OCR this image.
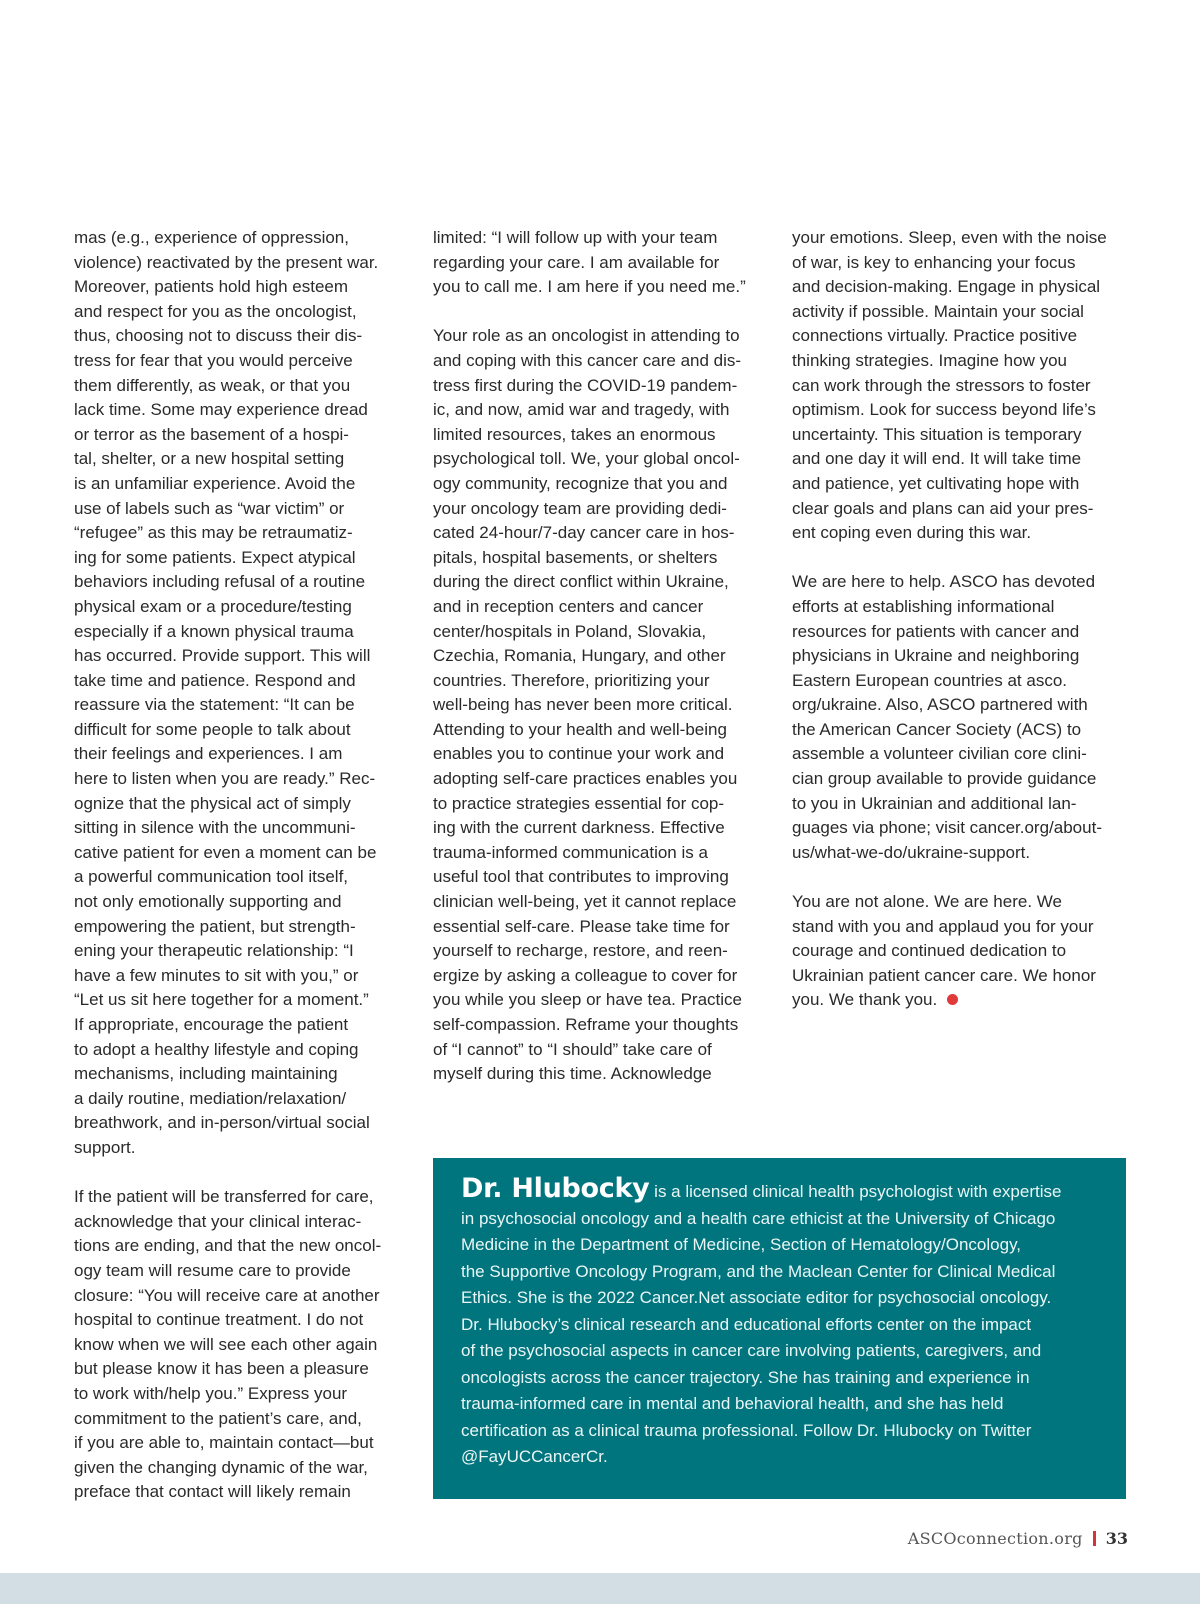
mas (e.g., experience of oppression,
violence) reactivated by the present war.
Moreover, patients hold high esteem
and respect for you as the oncologist,
thus, choosing not to discuss their dis-
tress for fear that you would perceive
them differently, as weak, or that you
lack time. Some may experience dread
or terror as the basement of a hospi-
tal, shelter, or a new hospital setting
is an unfamiliar experience. Avoid the
use of labels such as “war victim” or
“refugee” as this may be retraumatiz-
ing for some patients. Expect atypical
behaviors including refusal of a routine
physical exam or a procedure/testing
especially if a known physical trauma
has occurred. Provide support. This will
take time and patience. Respond and
reassure via the statement: “It can be
difficult for some people to talk about
their feelings and experiences. I am
here to listen when you are ready.” Rec-
ognize that the physical act of simply
sitting in silence with the uncommuni-
cative patient for even a moment can be
a powerful communication tool itself,
not only emotionally supporting and
empowering the patient, but strength-
ening your therapeutic relationship: “I
have a few minutes to sit with you,” or
“Let us sit here together for a moment.”
If appropriate, encourage the patient
to adopt a healthy lifestyle and coping
mechanisms, including maintaining
a daily routine, mediation/relaxation/
breathwork, and in-person/virtual social
support.

If the patient will be transferred for care,
acknowledge that your clinical interac-
tions are ending, and that the new oncol-
ogy team will resume care to provide
closure: “You will receive care at another
hospital to continue treatment. I do not
know when we will see each other again
but please know it has been a pleasure
to work with/help you.” Express your
commitment to the patient’s care, and,
if you are able to, maintain contact—but
given the changing dynamic of the war,
preface that contact will likely remain

limited: “I will follow up with your team
regarding your care. I am available for
you to call me. I am here if you need me.”

Your role as an oncologist in attending to
and coping with this cancer care and dis-
tress first during the COVID-19 pandem-
ic, and now, amid war and tragedy, with
limited resources, takes an enormous
psychological toll. We, your global oncol-
ogy community, recognize that you and
your oncology team are providing dedi-
cated 24-hour/7-day cancer care in hos-
pitals, hospital basements, or shelters
during the direct conflict within Ukraine,
and in reception centers and cancer
center/hospitals in Poland, Slovakia,
Czechia, Romania, Hungary, and other
countries. Therefore, prioritizing your
well-being has never been more critical.
Attending to your health and well-being
enables you to continue your work and
adopting self-care practices enables you
to practice strategies essential for cop-
ing with the current darkness. Effective
trauma-informed communication is a
useful tool that contributes to improving
clinician well-being, yet it cannot replace
essential self-care. Please take time for
yourself to recharge, restore, and reen-
ergize by asking a colleague to cover for
you while you sleep or have tea. Practice
self-compassion. Reframe your thoughts
of “I cannot” to “I should” take care of
myself during this time. Acknowledge

your emotions. Sleep, even with the noise
of war, is key to enhancing your focus
and decision-making. Engage in physical
activity if possible. Maintain your social
connections virtually. Practice positive
thinking strategies. Imagine how you
can work through the stressors to foster
optimism. Look for success beyond life’s
uncertainty. This situation is temporary
and one day it will end. It will take time
and patience, yet cultivating hope with
clear goals and plans can aid your pres-
ent coping even during this war.

We are here to help. ASCO has devoted
efforts at establishing informational
resources for patients with cancer and
physicians in Ukraine and neighboring
Eastern European countries at asco.
org/ukraine. Also, ASCO partnered with
the American Cancer Society (ACS) to
assemble a volunteer civilian core clini-
cian group available to provide guidance
to you in Ukrainian and additional lan-
guages via phone; visit cancer.org/about-
us/what-we-do/ukraine-support.

You are not alone. We are here. We
stand with you and applaud you for your
courage and continued dedication to
Ukrainian patient cancer care. We honor
you. We thank you.

Dr. Hlubocky is a licensed clinical health psychologist with expertise
in psychosocial oncology and a health care ethicist at the University of Chicago
Medicine in the Department of Medicine, Section of Hematology/Oncology,
the Supportive Oncology Program, and the Maclean Center for Clinical Medical
Ethics. She is the 2022 Cancer.Net associate editor for psychosocial oncology.
Dr. Hlubocky’s clinical research and educational efforts center on the impact
of the psychosocial aspects in cancer care involving patients, caregivers, and
oncologists across the cancer trajectory. She has training and experience in
trauma-informed care in mental and behavioral health, and she has held
certification as a clinical trauma professional. Follow Dr. Hlubocky on Twitter
@FayUCCancerCr.

ASCOconnection.org 33
